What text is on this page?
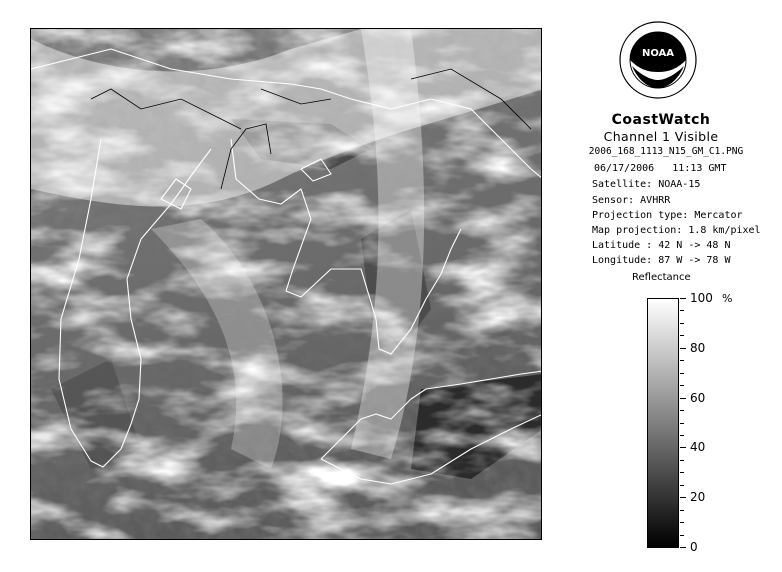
NOAA
CoastWatch
Channel 1 Visible
2006_168_1113_N15_GM_C1.PNG
06/17/2006 11:13 GMT
Satellite: NOAA-15
Sensor: AVHRR
Projection type: Mercator
Map projection: 1.8 km/pixel
Latitude : 42 N -> 48 N
Longitude: 87 W -> 78 W
Reflectance
%
100
80
60
40
20
0
